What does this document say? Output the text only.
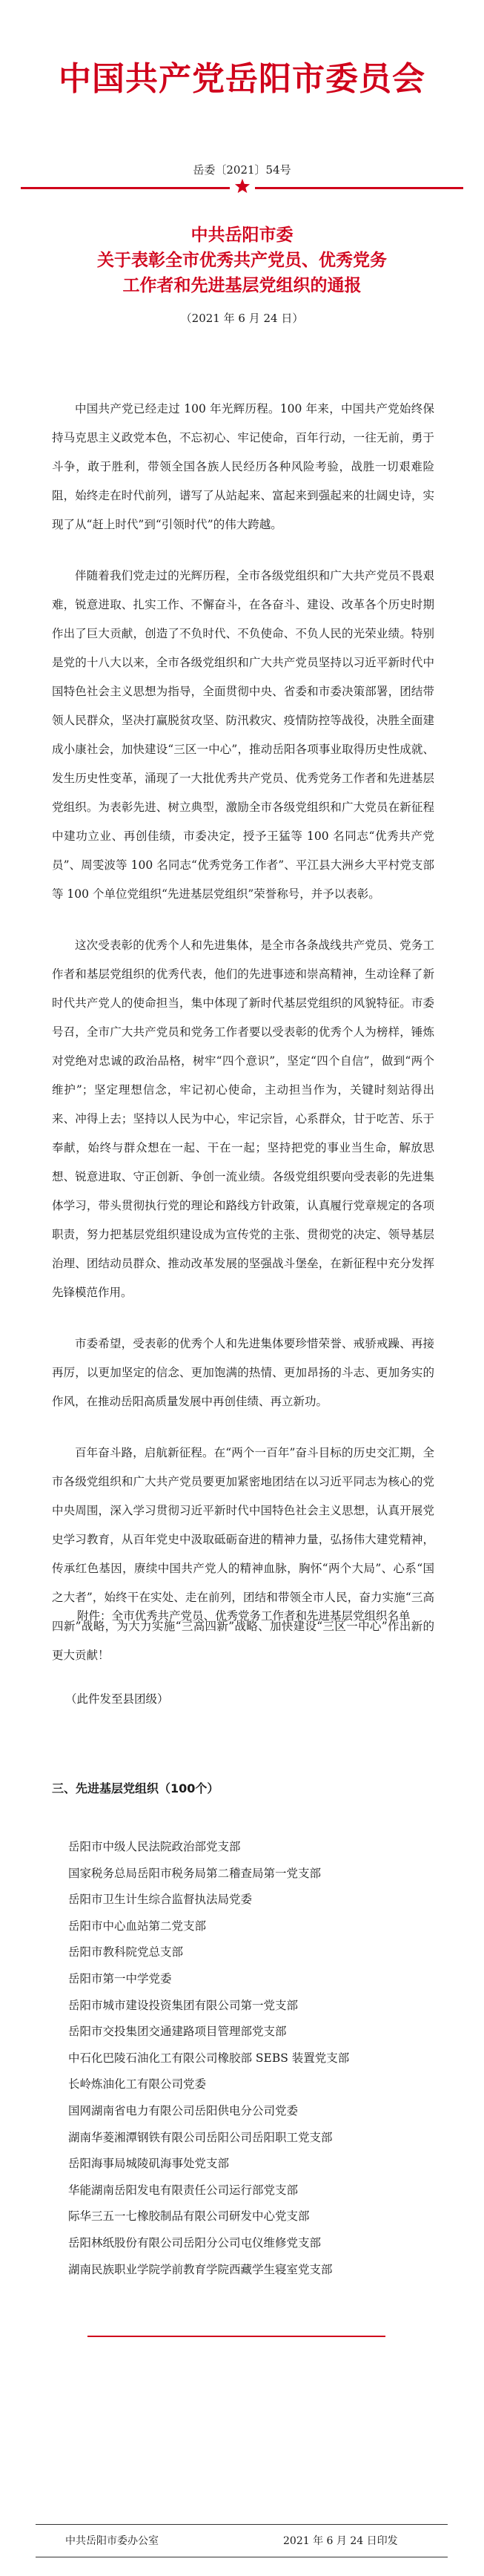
中国共产党岳阳市委员会
岳委〔2021〕54号
中共岳阳市委
关于表彰全市优秀共产党员、优秀党务
工作者和先进基层党组织的通报
（2021 年 6 月 24 日）

中国共产党已经走过 100 年光辉历程。100 年来，中国共产党始终保持马克思主义政党本色，不忘初心、牢记使命，百年行动，一往无前，勇于斗争，敢于胜利，带领全国各族人民经历各种风险考验，战胜一切艰难险阻，始终走在时代前列，谱写了从站起来、富起来到强起来的壮阔史诗，实现了从“赶上时代”到“引领时代”的伟大跨越。

伴随着我们党走过的光辉历程，全市各级党组织和广大共产党员不畏艰难，锐意进取、扎实工作、不懈奋斗，在各奋斗、建设、改革各个历史时期作出了巨大贡献，创造了不负时代、不负使命、不负人民的光荣业绩。特别是党的十八大以来，全市各级党组织和广大共产党员坚持以习近平新时代中国特色社会主义思想为指导，全面贯彻中央、省委和市委决策部署，团结带领人民群众，坚决打赢脱贫攻坚、防汛救灾、疫情防控等战役，决胜全面建成小康社会，加快建设“三区一中心”，推动岳阳各项事业取得历史性成就、发生历史性变革，涌现了一大批优秀共产党员、优秀党务工作者和先进基层党组织。为表彰先进、树立典型，激励全市各级党组织和广大党员在新征程中建功立业、再创佳绩，市委决定，授予王猛等 100 名同志“优秀共产党员”、周雯波等 100 名同志“优秀党务工作者”、平江县大洲乡大平村党支部等 100 个单位党组织“先进基层党组织”荣誉称号，并予以表彰。

这次受表彰的优秀个人和先进集体，是全市各条战线共产党员、党务工作者和基层党组织的优秀代表，他们的先进事迹和崇高精神，生动诠释了新时代共产党人的使命担当，集中体现了新时代基层党组织的风貌特征。市委号召，全市广大共产党员和党务工作者要以受表彰的优秀个人为榜样，锤炼对党绝对忠诚的政治品格，树牢“四个意识”，坚定“四个自信”，做到“两个维护”；坚定理想信念，牢记初心使命，主动担当作为，关键时刻站得出来、冲得上去；坚持以人民为中心，牢记宗旨，心系群众，甘于吃苦、乐于奉献，始终与群众想在一起、干在一起；坚持把党的事业当生命，解放思想、锐意进取、守正创新、争创一流业绩。各级党组织要向受表彰的先进集体学习，带头贯彻执行党的理论和路线方针政策，认真履行党章规定的各项职责，努力把基层党组织建设成为宣传党的主张、贯彻党的决定、领导基层治理、团结动员群众、推动改革发展的坚强战斗堡垒，在新征程中充分发挥先锋模范作用。

市委希望，受表彰的优秀个人和先进集体要珍惜荣誉、戒骄戒躁、再接再厉，以更加坚定的信念、更加饱满的热情、更加昂扬的斗志、更加务实的作风，在推动岳阳高质量发展中再创佳绩、再立新功。

百年奋斗路，启航新征程。在“两个一百年”奋斗目标的历史交汇期，全市各级党组织和广大共产党员要更加紧密地团结在以习近平同志为核心的党中央周围，深入学习贯彻习近平新时代中国特色社会主义思想，认真开展党史学习教育，从百年党史中汲取砥砺奋进的精神力量，弘扬伟大建党精神，传承红色基因，赓续中国共产党人的精神血脉，胸怀“两个大局”、心系“国之大者”，始终干在实处、走在前列，团结和带领全市人民，奋力实施“三高四新”战略，为大力实施“三高四新”战略、加快建设“三区一中心”作出新的更大贡献！

附件：全市优秀共产党员、优秀党务工作者和先进基层党组织名单
（此件发至县团级）
三、先进基层党组织（100个）
岳阳市中级人民法院政治部党支部
国家税务总局岳阳市税务局第二稽查局第一党支部
岳阳市卫生计生综合监督执法局党委
岳阳市中心血站第二党支部
岳阳市教科院党总支部
岳阳市第一中学党委
岳阳市城市建设投资集团有限公司第一党支部
岳阳市交投集团交通建路项目管理部党支部
中石化巴陵石油化工有限公司橡胶部 SEBS 装置党支部
长岭炼油化工有限公司党委
国网湖南省电力有限公司岳阳供电分公司党委
湖南华菱湘潭钢铁有限公司岳阳公司岳阳职工党支部
岳阳海事局城陵矶海事处党支部
华能湖南岳阳发电有限责任公司运行部党支部
际华三五一七橡胶制品有限公司研发中心党支部
岳阳林纸股份有限公司岳阳分公司屯仪维修党支部
湖南民族职业学院学前教育学院西藏学生寝室党支部
中共岳阳市委办公室	2021 年 6 月 24 日印发
